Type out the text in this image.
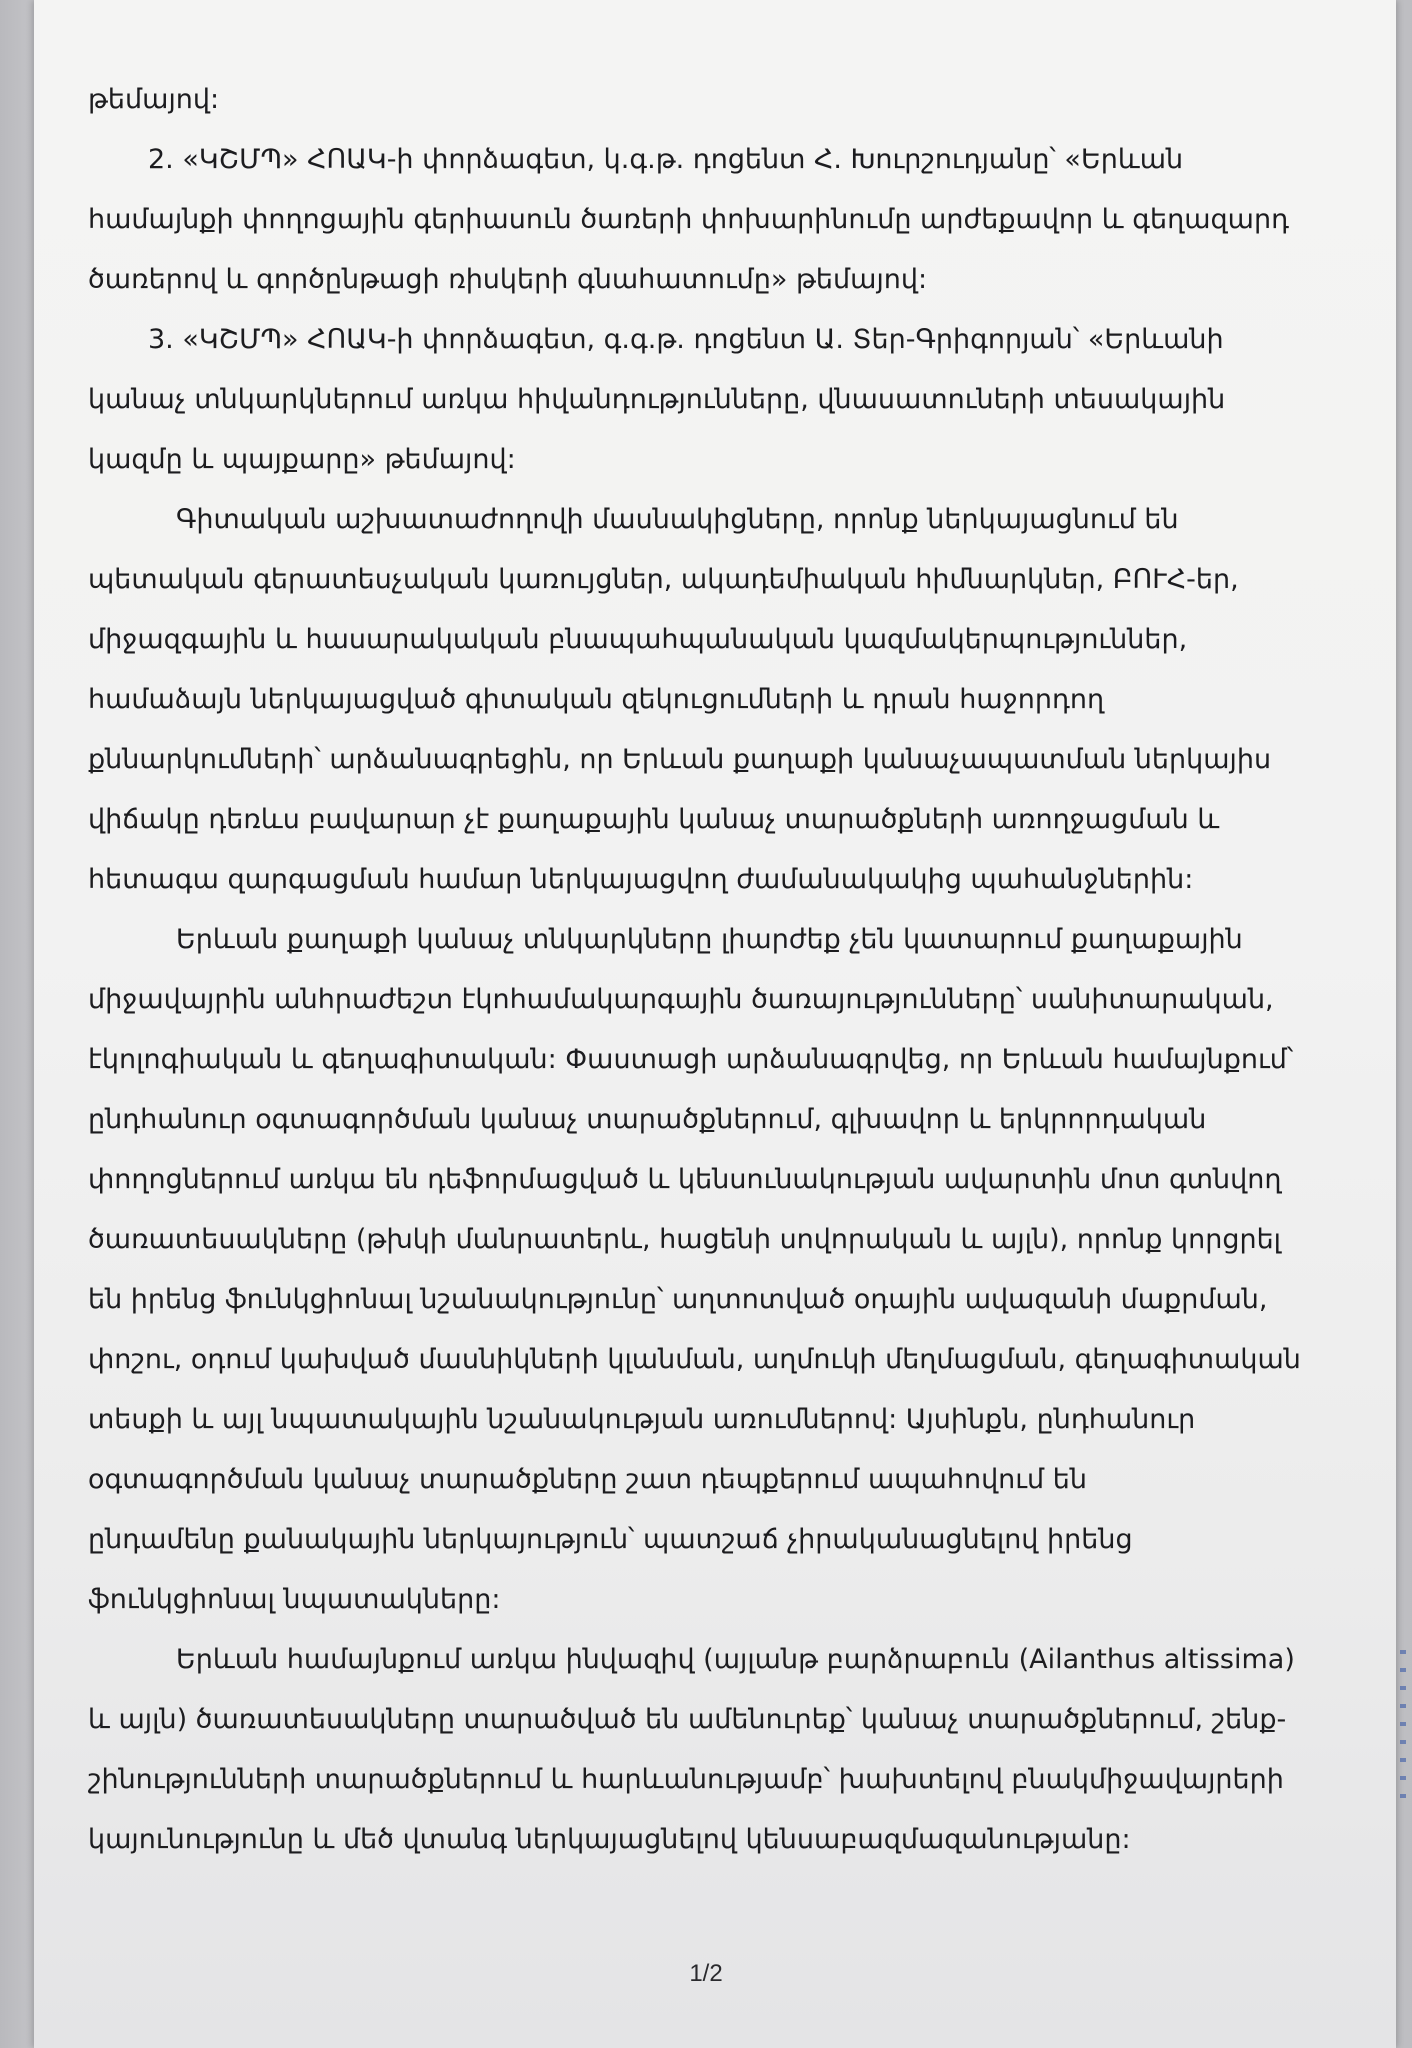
թեմայով:
2. «ԿՇՄՊ» ՀՈԱԿ-ի փորձագետ, կ.գ.թ. դոցենտ Հ. Խուրշուդյանը՝ «Երևան
համայնքի փողոցային գերիասուն ծառերի փոխարինումը արժեքավոր և գեղազարդ
ծառերով և գործընթացի ռիսկերի գնահատումը» թեմայով:
3. «ԿՇՄՊ» ՀՈԱԿ-ի փորձագետ, գ.գ.թ. դոցենտ Ա. Տեր-Գրիգորյան՝ «Երևանի
կանաչ տնկարկներում առկա հիվանդությունները, վնասատուների տեսակային
կազմը և պայքարը» թեմայով:
Գիտական աշխատաժողովի մասնակիցները, որոնք ներկայացնում են
պետական գերատեսչական կառույցներ, ակադեմիական հիմնարկներ, ԲՈՒՀ-եր,
միջազգային և հասարակական բնապահպանական կազմակերպություններ,
համաձայն ներկայացված գիտական զեկուցումների և դրան հաջորդող
քննարկումների՝ արձանագրեցին, որ Երևան քաղաքի կանաչապատման ներկայիս
վիճակը դեռևս բավարար չէ քաղաքային կանաչ տարածքների առողջացման և
հետագա զարգացման համար ներկայացվող ժամանակակից պահանջներին:
Երևան քաղաքի կանաչ տնկարկները լիարժեք չեն կատարում քաղաքային
միջավայրին անհրաժեշտ էկոհամակարգային ծառայությունները՝ սանիտարական,
էկոլոգիական և գեղագիտական: Փաստացի արձանագրվեց, որ Երևան համայնքում՝
ընդհանուր օգտագործման կանաչ տարածքներում, գլխավոր և երկրորդական
փողոցներում առկա են դեֆորմացված և կենսունակության ավարտին մոտ գտնվող
ծառատեսակները (թխկի մանրատերև, հացենի սովորական և այլն), որոնք կորցրել
են իրենց ֆունկցիոնալ նշանակությունը՝ աղտոտված օդային ավազանի մաքրման,
փոշու, օդում կախված մասնիկների կլանման, աղմուկի մեղմացման, գեղագիտական
տեսքի և այլ նպատակային նշանակության առումներով: Այսինքն, ընդհանուր
օգտագործման կանաչ տարածքները շատ դեպքերում ապահովում են
ընդամենը քանակային ներկայություն՝ պատշաճ չիրականացնելով իրենց
ֆունկցիոնալ նպատակները:
Երևան համայնքում առկա ինվազիվ (այլանթ բարձրաբուն (Ailanthus altissima)
և այլն) ծառատեսակները տարածված են ամենուրեք՝ կանաչ տարածքներում, շենք-
շինությունների տարածքներում և հարևանությամբ՝ խախտելով բնակմիջավայրերի
կայունությունը և մեծ վտանգ ներկայացնելով կենսաբազմազանությանը:
1/2
